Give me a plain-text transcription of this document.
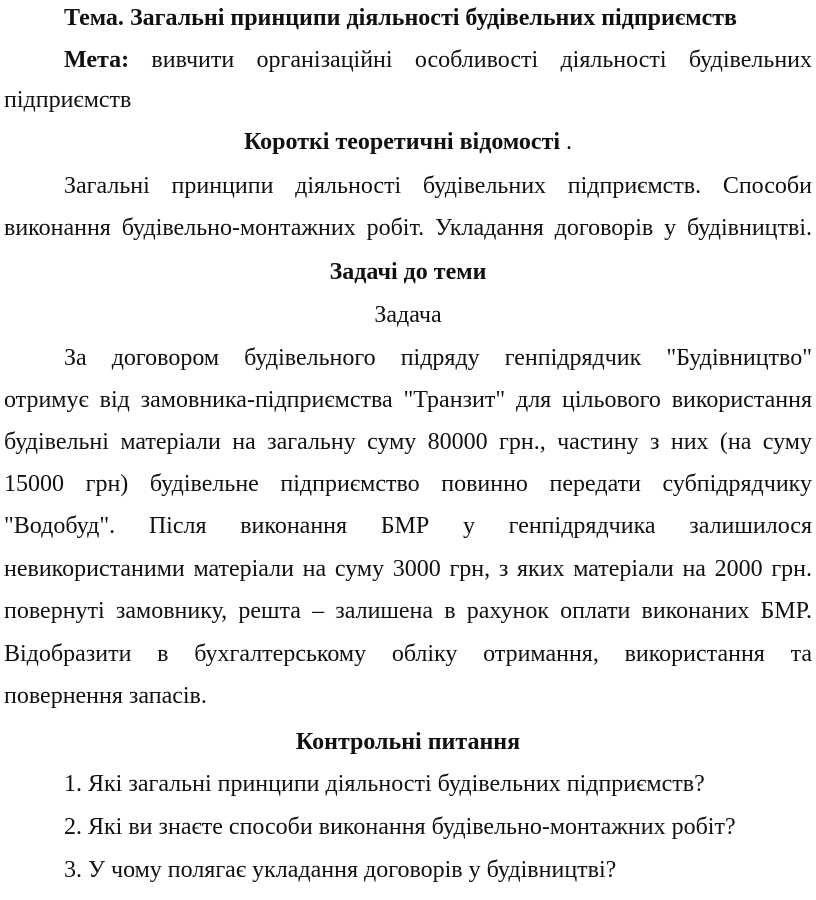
Тема. Загальні принципи діяльності будівельних підприємств
Мета: вивчити організаційні особливості діяльності будівельних
підприємств
Короткі теоретичні відомості .
Загальні принципи діяльності будівельних підприємств. Способи
виконання будівельно-монтажних робіт. Укладання договорів у будівництві.
Задачі до теми
Задача
За договором будівельного підряду генпідрядчик "Будівництво"
отримує від замовника-підприємства "Транзит" для цільового використання
будівельні матеріали на загальну суму 80000 грн., частину з них (на суму
15000 грн) будівельне підприємство повинно передати субпідрядчику
"Водобуд". Після виконання БМР у генпідрядчика залишилося
невикористаними матеріали на суму 3000 грн, з яких матеріали на 2000 грн.
повернуті замовнику, решта – залишена в рахунок оплати виконаних БМР.
Відобразити в бухгалтерському обліку отримання, використання та
повернення запасів.
Контрольні питання
1. Які загальні принципи діяльності будівельних підприємств?
2. Які ви знаєте способи виконання будівельно-монтажних робіт?
3. У чому полягає укладання договорів у будівництві?
